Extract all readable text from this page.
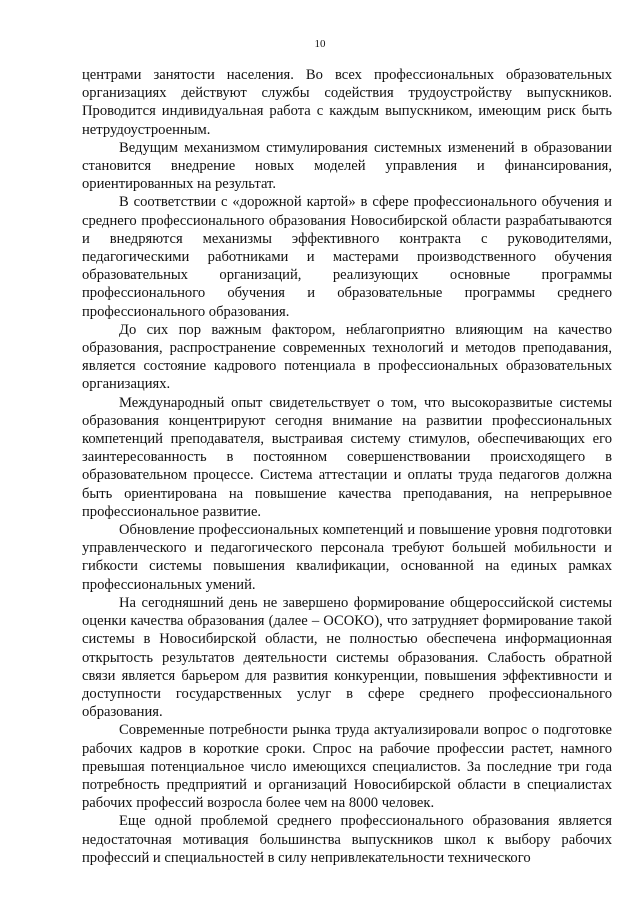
10

центрами занятости населения. Во всех профессиональных образовательных организациях действуют службы содействия трудоустройству выпускников. Проводится индивидуальная работа с каждым выпускником, имеющим риск быть нетрудоустроенным.

Ведущим механизмом стимулирования системных изменений в образовании становится внедрение новых моделей управления и финансирования, ориентированных на результат.

В соответствии с «дорожной картой» в сфере профессионального обучения и среднего профессионального образования Новосибирской области разрабатываются и внедряются механизмы эффективного контракта с руководителями, педагогическими работниками и мастерами производственного обучения образовательных организаций, реализующих основные программы профессионального обучения и образовательные программы среднего профессионального образования.

До сих пор важным фактором, неблагоприятно влияющим на качество образования, распространение современных технологий и методов преподавания, является состояние кадрового потенциала в профессиональных образовательных организациях.

Международный опыт свидетельствует о том, что высокоразвитые системы образования концентрируют сегодня внимание на развитии профессиональных компетенций преподавателя, выстраивая систему стимулов, обеспечивающих его заинтересованность в постоянном совершенствовании происходящего в образовательном процессе. Система аттестации и оплаты труда педагогов должна быть ориентирована на повышение качества преподавания, на непрерывное профессиональное развитие.

Обновление профессиональных компетенций и повышение уровня подготовки управленческого и педагогического персонала требуют большей мобильности и гибкости системы повышения квалификации, основанной на единых рамках профессиональных умений.

На сегодняшний день не завершено формирование общероссийской системы оценки качества образования (далее – ОСОКО), что затрудняет формирование такой системы в Новосибирской области, не полностью обеспечена информационная открытость результатов деятельности системы образования. Слабость обратной связи является барьером для развития конкуренции, повышения эффективности и доступности государственных услуг в сфере среднего профессионального образования.

Современные потребности рынка труда актуализировали вопрос о подготовке рабочих кадров в короткие сроки. Спрос на рабочие профессии растет, намного превышая потенциальное число имеющихся специалистов. За последние три года потребность предприятий и организаций Новосибирской области в специалистах рабочих профессий возросла более чем на 8000 человек.

Еще одной проблемой среднего профессионального образования является недостаточная мотивация большинства выпускников школ к выбору рабочих профессий и специальностей в силу непривлекательности технического
